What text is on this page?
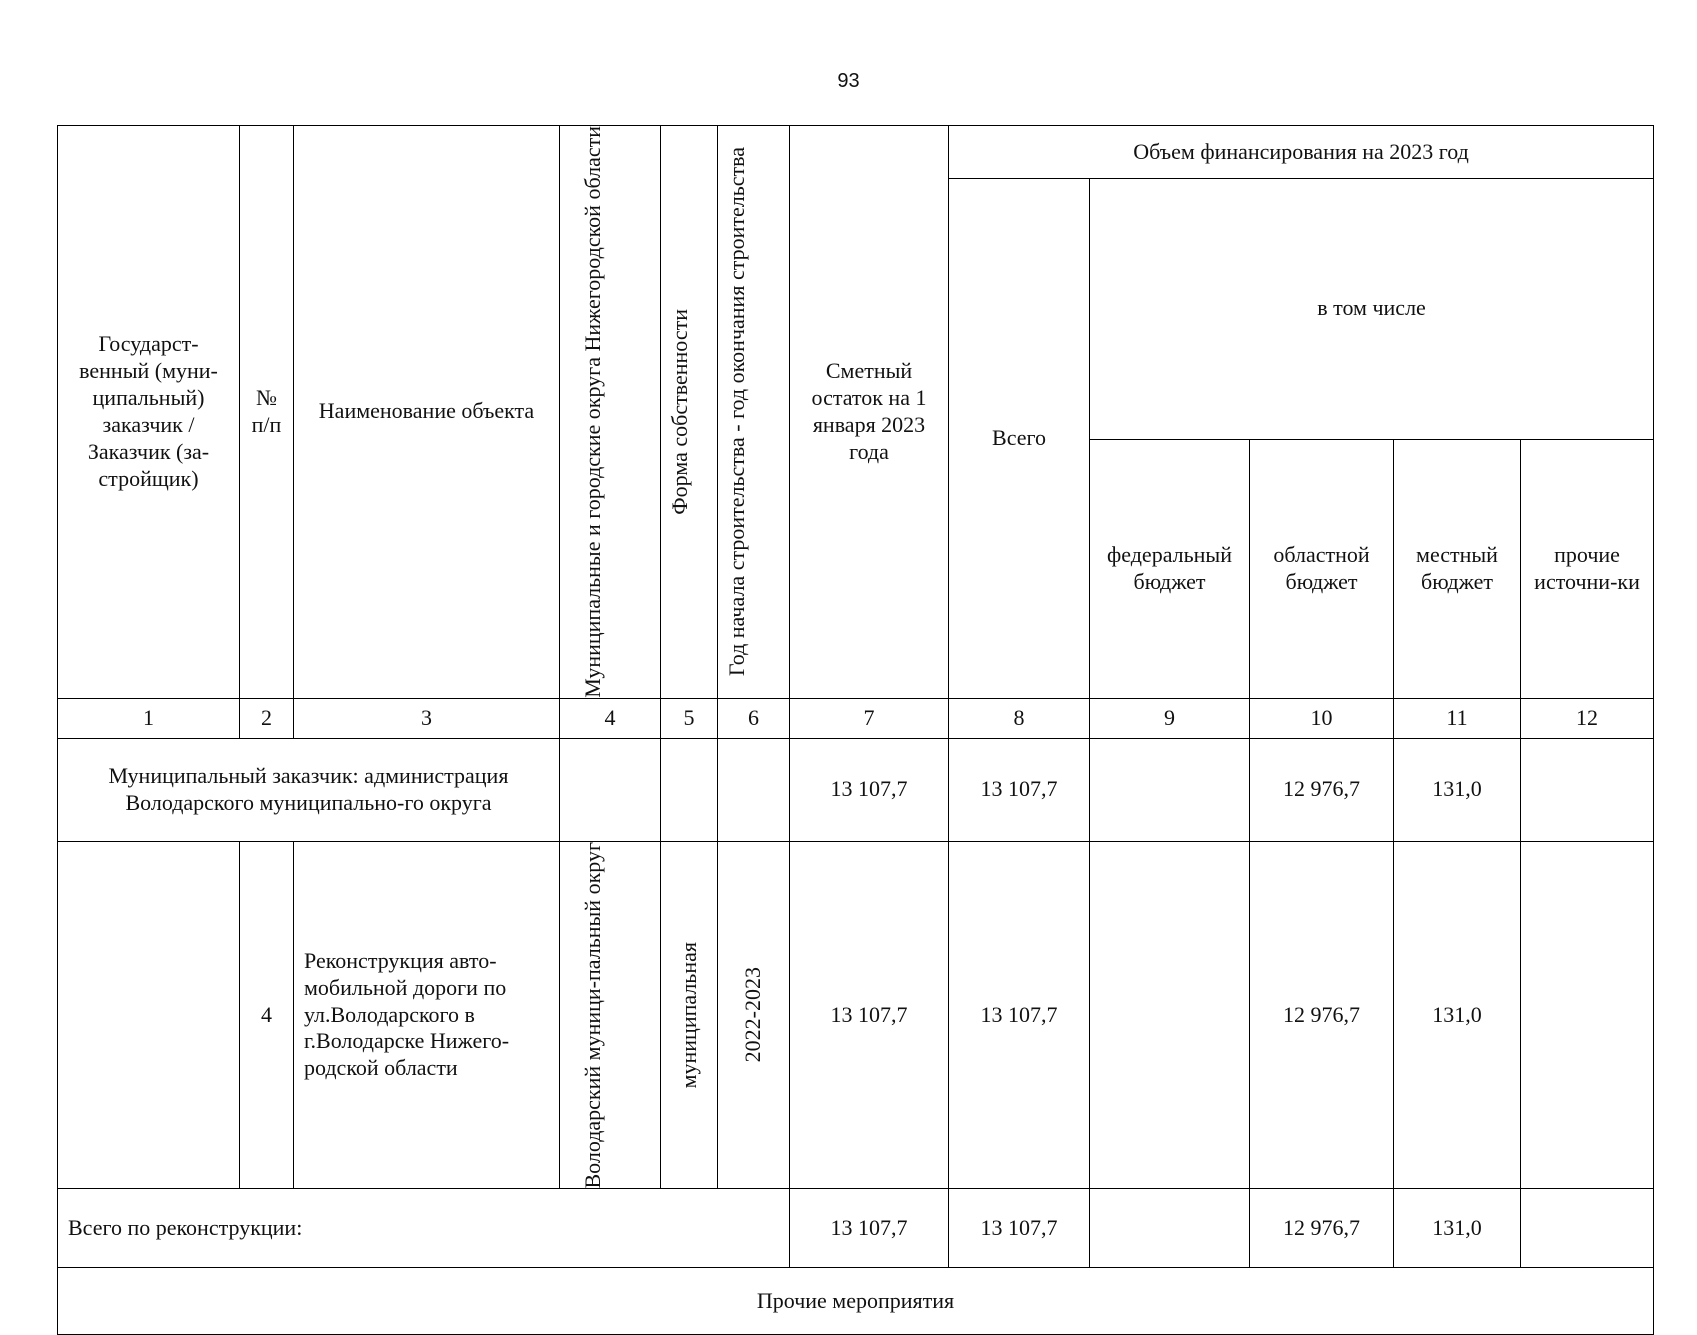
93
Государст-венный (муни-ципальный) заказчик / Заказчик (за-стройщик)	№ п/п	Наименование объекта	Муниципальные и городские округа Нижегородской области	Форма собственности	Год начала строительства - год окончания строительства	Сметный остаток на 1 января 2023 года	Объем финансирования на 2023 год				
							Всего	в том числе			
								федеральный бюджет	областной бюджет	местный бюджет	прочие источни-ки
1	2	3	4	5	6	7	8	9	10	11	12
Муниципальный заказчик: администрация Володарского муниципально-го округа						13 107,7	13 107,7		12 976,7	131,0	
	4	Реконструкция авто-мобильной дороги по ул.Володарского в г.Володарске Нижего-родской области	Володарский муници-пальный округ	муниципальная	2022-2023	13 107,7	13 107,7		12 976,7	131,0	
Всего по реконструкции:						13 107,7	13 107,7		12 976,7	131,0	
Прочие мероприятия											
